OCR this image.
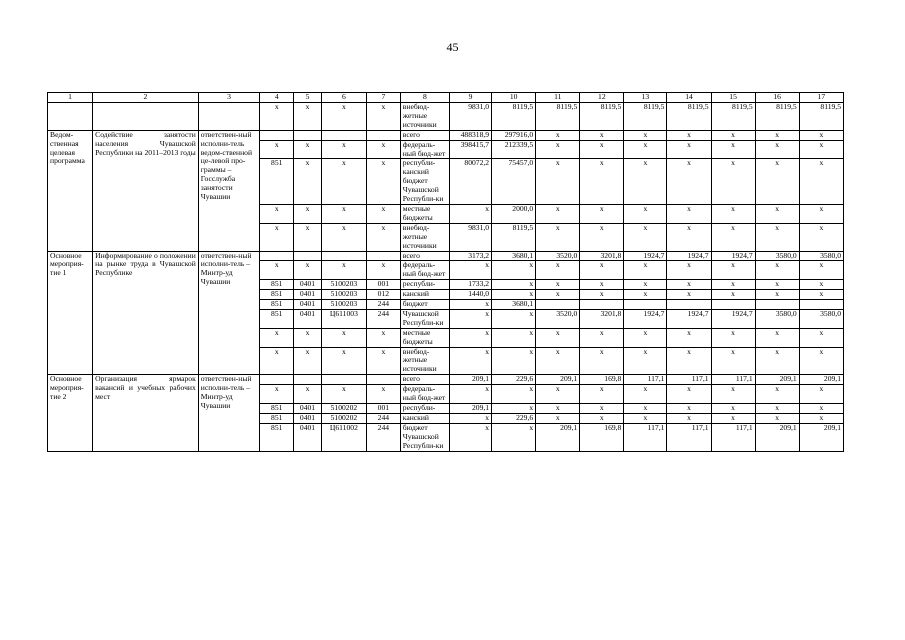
45
1	2	3	4	5	6	7	8	9	10	11	12	13	14	15	16	17
			x	x	x	x	внебюд-жетные источники	9831,0	8119,5	8119,5	8119,5	8119,5	8119,5	8119,5	8119,5	8119,5
Ведом-ственная целевая программа	Содействие занятости населения Чувашской Республики на 2011–2013 годы	ответствен-ный исполни-тель ведом-ственной це-левой про-граммы – Госслужба занятости Чувашии					всего	488318,9	297916,0	x	x	x	x	x	x	x
			x	x	x	x	федераль-ный бюд-жет	398415,7	212339,5	x	x	x	x	x	x	x
			851	x	x	x	республи-канский бюджет Чувашской Республи-ки	80072,2	75457,0	x	x	x	x	x	x	x
			x	x	x	x	местные бюджеты	x	2000,0	x	x	x	x	x	x	x
			x	x	x	x	внебюд-жетные источники	9831,0	8119,5	x	x	x	x	x	x	x
Основное мероприя-тие 1	Информирование о положении на рынке труда в Чувашской Республике	ответствен-ный исполни-тель – Минтр-уд Чувашии					всего	3173,2	3680,1	3520,0	3201,8	1924,7	1924,7	1924,7	3580,0	3580,0
			x	x	x	x	федераль-ный бюд-жет	x	x	x	x	x	x	x	x	x
			851	0401	5100203	001	республи-	1733,2	x	x	x	x	x	x	x	x
			851	0401	5100203	012	канский	1440,0	x	x	x	x	x	x	x	x
			851	0401	5100203	244	бюджет	x	3680,1							
			851	0401	Ц611003	244	Чувашской Республи-ки	x	x	3520,0	3201,8	1924,7	1924,7	1924,7	3580,0	3580,0
			x	x	x	x	местные бюджеты	x	x	x	x	x	x	x	x	x
			x	x	x	x	внебюд-жетные источники	x	x	x	x	x	x	x	x	x
Основное мероприя-тие 2	Организация ярмарок вакансий и учебных рабочих мест	ответствен-ный исполни-тель – Минтр-уд Чувашии					всего	209,1	229,6	209,1	169,8	117,1	117,1	117,1	209,1	209,1
			x	x	x	x	федераль-ный бюд-жет	x	x	x	x	x	x	x	x	x
			851	0401	5100202	001	республи-	209,1	x	x	x	x	x	x	x	x
			851	0401	5100202	244	канский	x	229,6	x	x	x	x	x	x	x
			851	0401	Ц611002	244	бюджет Чувашской Республи-ки	x	x	209,1	169,8	117,1	117,1	117,1	209,1	209,1
